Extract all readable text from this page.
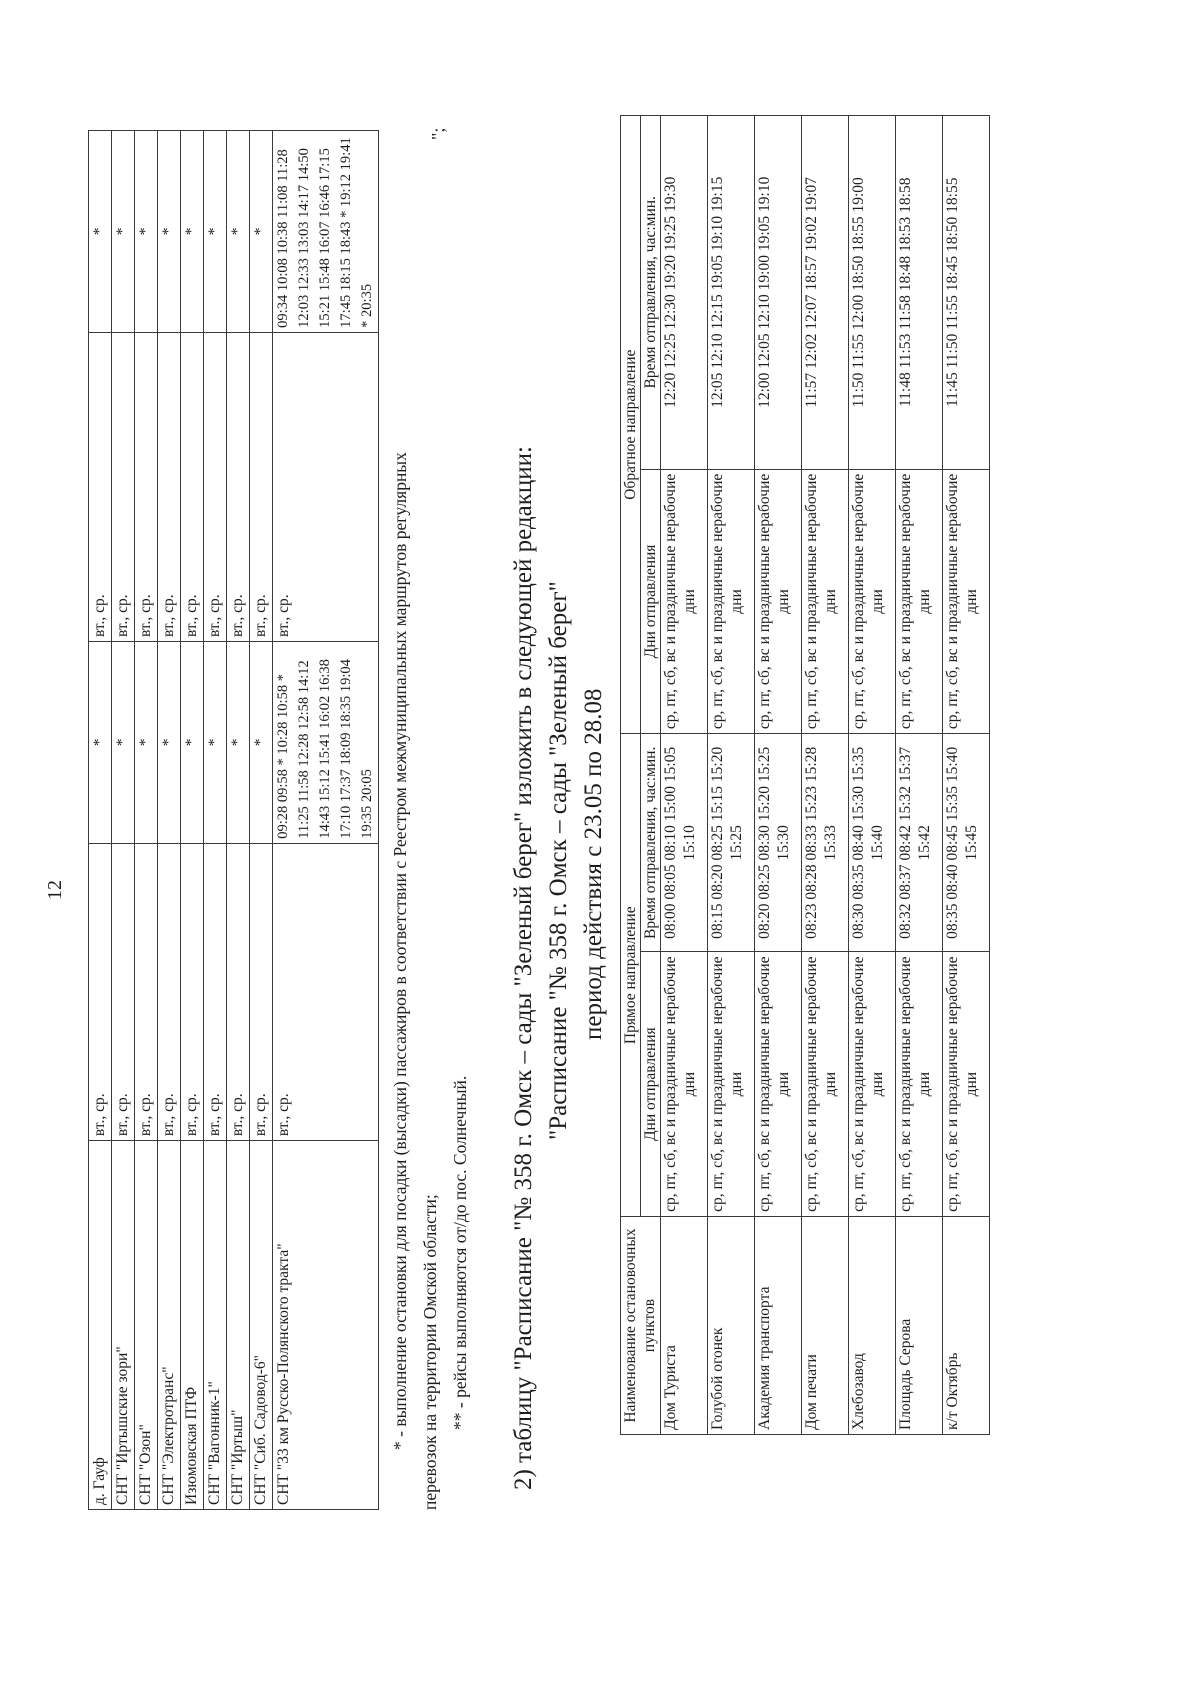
12
д. Гауф	вт., ср.	*	вт., ср.	*
СНТ "Иртышские зори"	вт., ср.	*	вт., ср.	*
СНТ "Озон"	вт., ср.	*	вт., ср.	*
СНТ "Электротранс"	вт., ср.	*	вт., ср.	*
Изюмовская ПТФ	вт., ср.	*	вт., ср.	*
СНТ "Вагонник-1"	вт., ср.	*	вт., ср.	*
СНТ "Иртыш"	вт., ср.	*	вт., ср.	*
СНТ "Сиб. Садовод-6"	вт., ср.	*	вт., ср.	*
СНТ "33 км Русско-Полянского тракта"	вт., ср.	09:28 09:58 * 10:28 10:58 * 11:25 11:58 12:28 12:58 14:12 14:43 15:12 15:41 16:02 16:38 17:10 17:37 18:09 18:35 19:04 19:35 20:05	вт., ср.	09:34 10:08 10:38 11:08 11:28 12:03 12:33 13:03 14:17 14:50 15:21 15:48 16:07 16:46 17:15 17:45 18:15 18:43 * 19:12 19:41 * 20:35
* - выполнение остановки для посадки (высадки) пассажиров в соответствии с Реестром межмуниципальных маршрутов регулярных перевозок на территории Омской области; ** - рейсы выполняются от/до пос. Солнечный.
";
2) таблицу "Расписание "№ 358 г. Омск – сады "Зеленый берег" изложить в следующей редакции: "Расписание "№ 358 г. Омск – сады "Зеленый берег" период действия с 23.05 по 28.08
Наименование остановочных пунктов	Прямое направление		Обратное направление	
	Дни отправления	Время отправления, час:мин.	Дни отправления	Время отправления, час:мин.
Дом Туриста	ср, пт, сб, вс и праздничные нерабочие дни	08:00 08:05 08:10 15:00 15:05 15:10	ср, пт, сб, вс и праздничные нерабочие дни	12:20 12:25 12:30 19:20 19:25 19:30
Голубой огонек	ср, пт, сб, вс и праздничные нерабочие дни	08:15 08:20 08:25 15:15 15:20 15:25	ср, пт, сб, вс и праздничные нерабочие дни	12:05 12:10 12:15 19:05 19:10 19:15
Академия транспорта	ср, пт, сб, вс и праздничные нерабочие дни	08:20 08:25 08:30 15:20 15:25 15:30	ср, пт, сб, вс и праздничные нерабочие дни	12:00 12:05 12:10 19:00 19:05 19:10
Дом печати	ср, пт, сб, вс и праздничные нерабочие дни	08:23 08:28 08:33 15:23 15:28 15:33	ср, пт, сб, вс и праздничные нерабочие дни	11:57 12:02 12:07 18:57 19:02 19:07
Хлебозавод	ср, пт, сб, вс и праздничные нерабочие дни	08:30 08:35 08:40 15:30 15:35 15:40	ср, пт, сб, вс и праздничные нерабочие дни	11:50 11:55 12:00 18:50 18:55 19:00
Площадь Серова	ср, пт, сб, вс и праздничные нерабочие дни	08:32 08:37 08:42 15:32 15:37 15:42	ср, пт, сб, вс и праздничные нерабочие дни	11:48 11:53 11:58 18:48 18:53 18:58
к/т Октябрь	ср, пт, сб, вс и праздничные нерабочие дни	08:35 08:40 08:45 15:35 15:40 15:45	ср, пт, сб, вс и праздничные нерабочие дни	11:45 11:50 11:55 18:45 18:50 18:55
